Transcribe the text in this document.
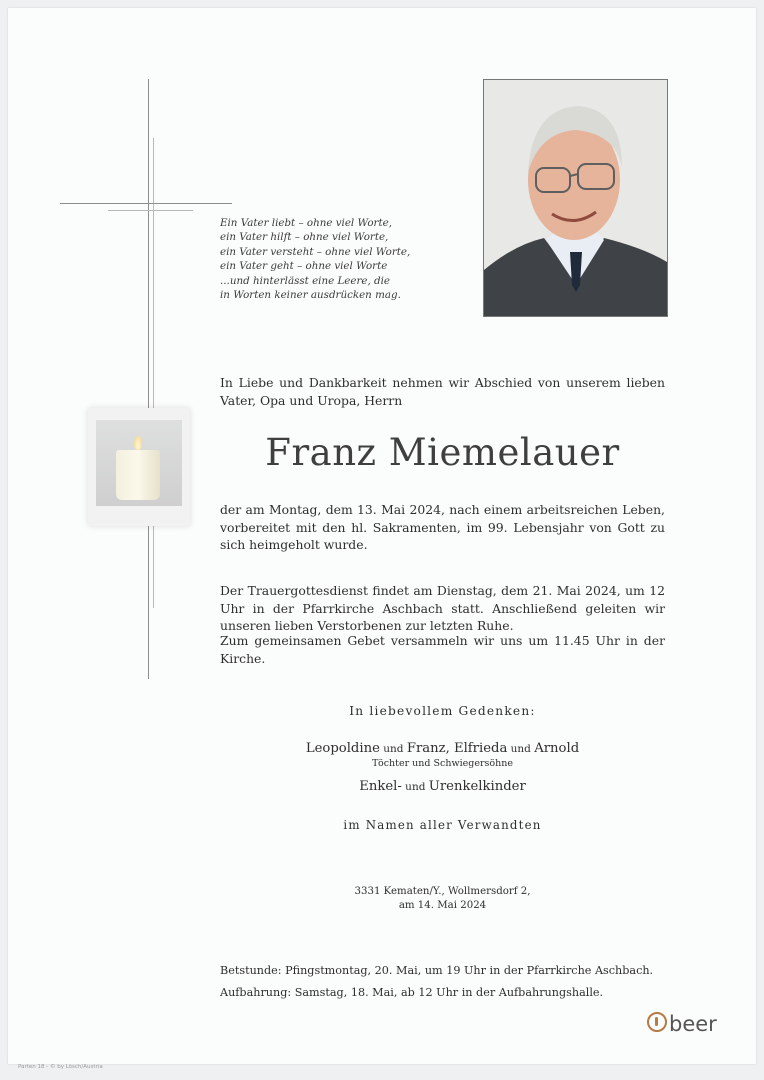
Ein Vater liebt – ohne viel Worte,
ein Vater hilft – ohne viel Worte,
ein Vater versteht – ohne viel Worte,
ein Vater geht – ohne viel Worte
...und hinterlässt eine Leere, die
in Worten keiner ausdrücken mag.
In Liebe und Dankbarkeit nehmen wir Abschied von unserem lieben Vater, Opa und Uropa, Herrn
Franz Miemelauer
der am Montag, dem 13. Mai 2024, nach einem arbeitsreichen Leben, vorbereitet mit den hl. Sakramenten, im 99. Lebensjahr von Gott zu sich heimgeholt wurde.
Der Trauergottesdienst findet am Dienstag, dem 21. Mai 2024, um 12 Uhr in der Pfarrkirche Aschbach statt. Anschließend geleiten wir unseren lieben Verstorbenen zur letzten Ruhe.
Zum gemeinsamen Gebet versammeln wir uns um 11.45 Uhr in der Kirche.
In liebevollem Gedenken:
Leopoldine und Franz, Elfrieda und Arnold
Töchter und Schwiegersöhne
Enkel- und Urenkelkinder
im Namen aller Verwandten
3331 Kematen/Y., Wollmersdorf 2,
am 14. Mai 2024
Betstunde: Pfingstmontag, 20. Mai, um 19 Uhr in der Pfarrkirche Aschbach.
Aufbahrung: Samstag, 18. Mai, ab 12 Uhr in der Aufbahrungshalle.
beer
Parten 18 - © by Lösch/Austria
